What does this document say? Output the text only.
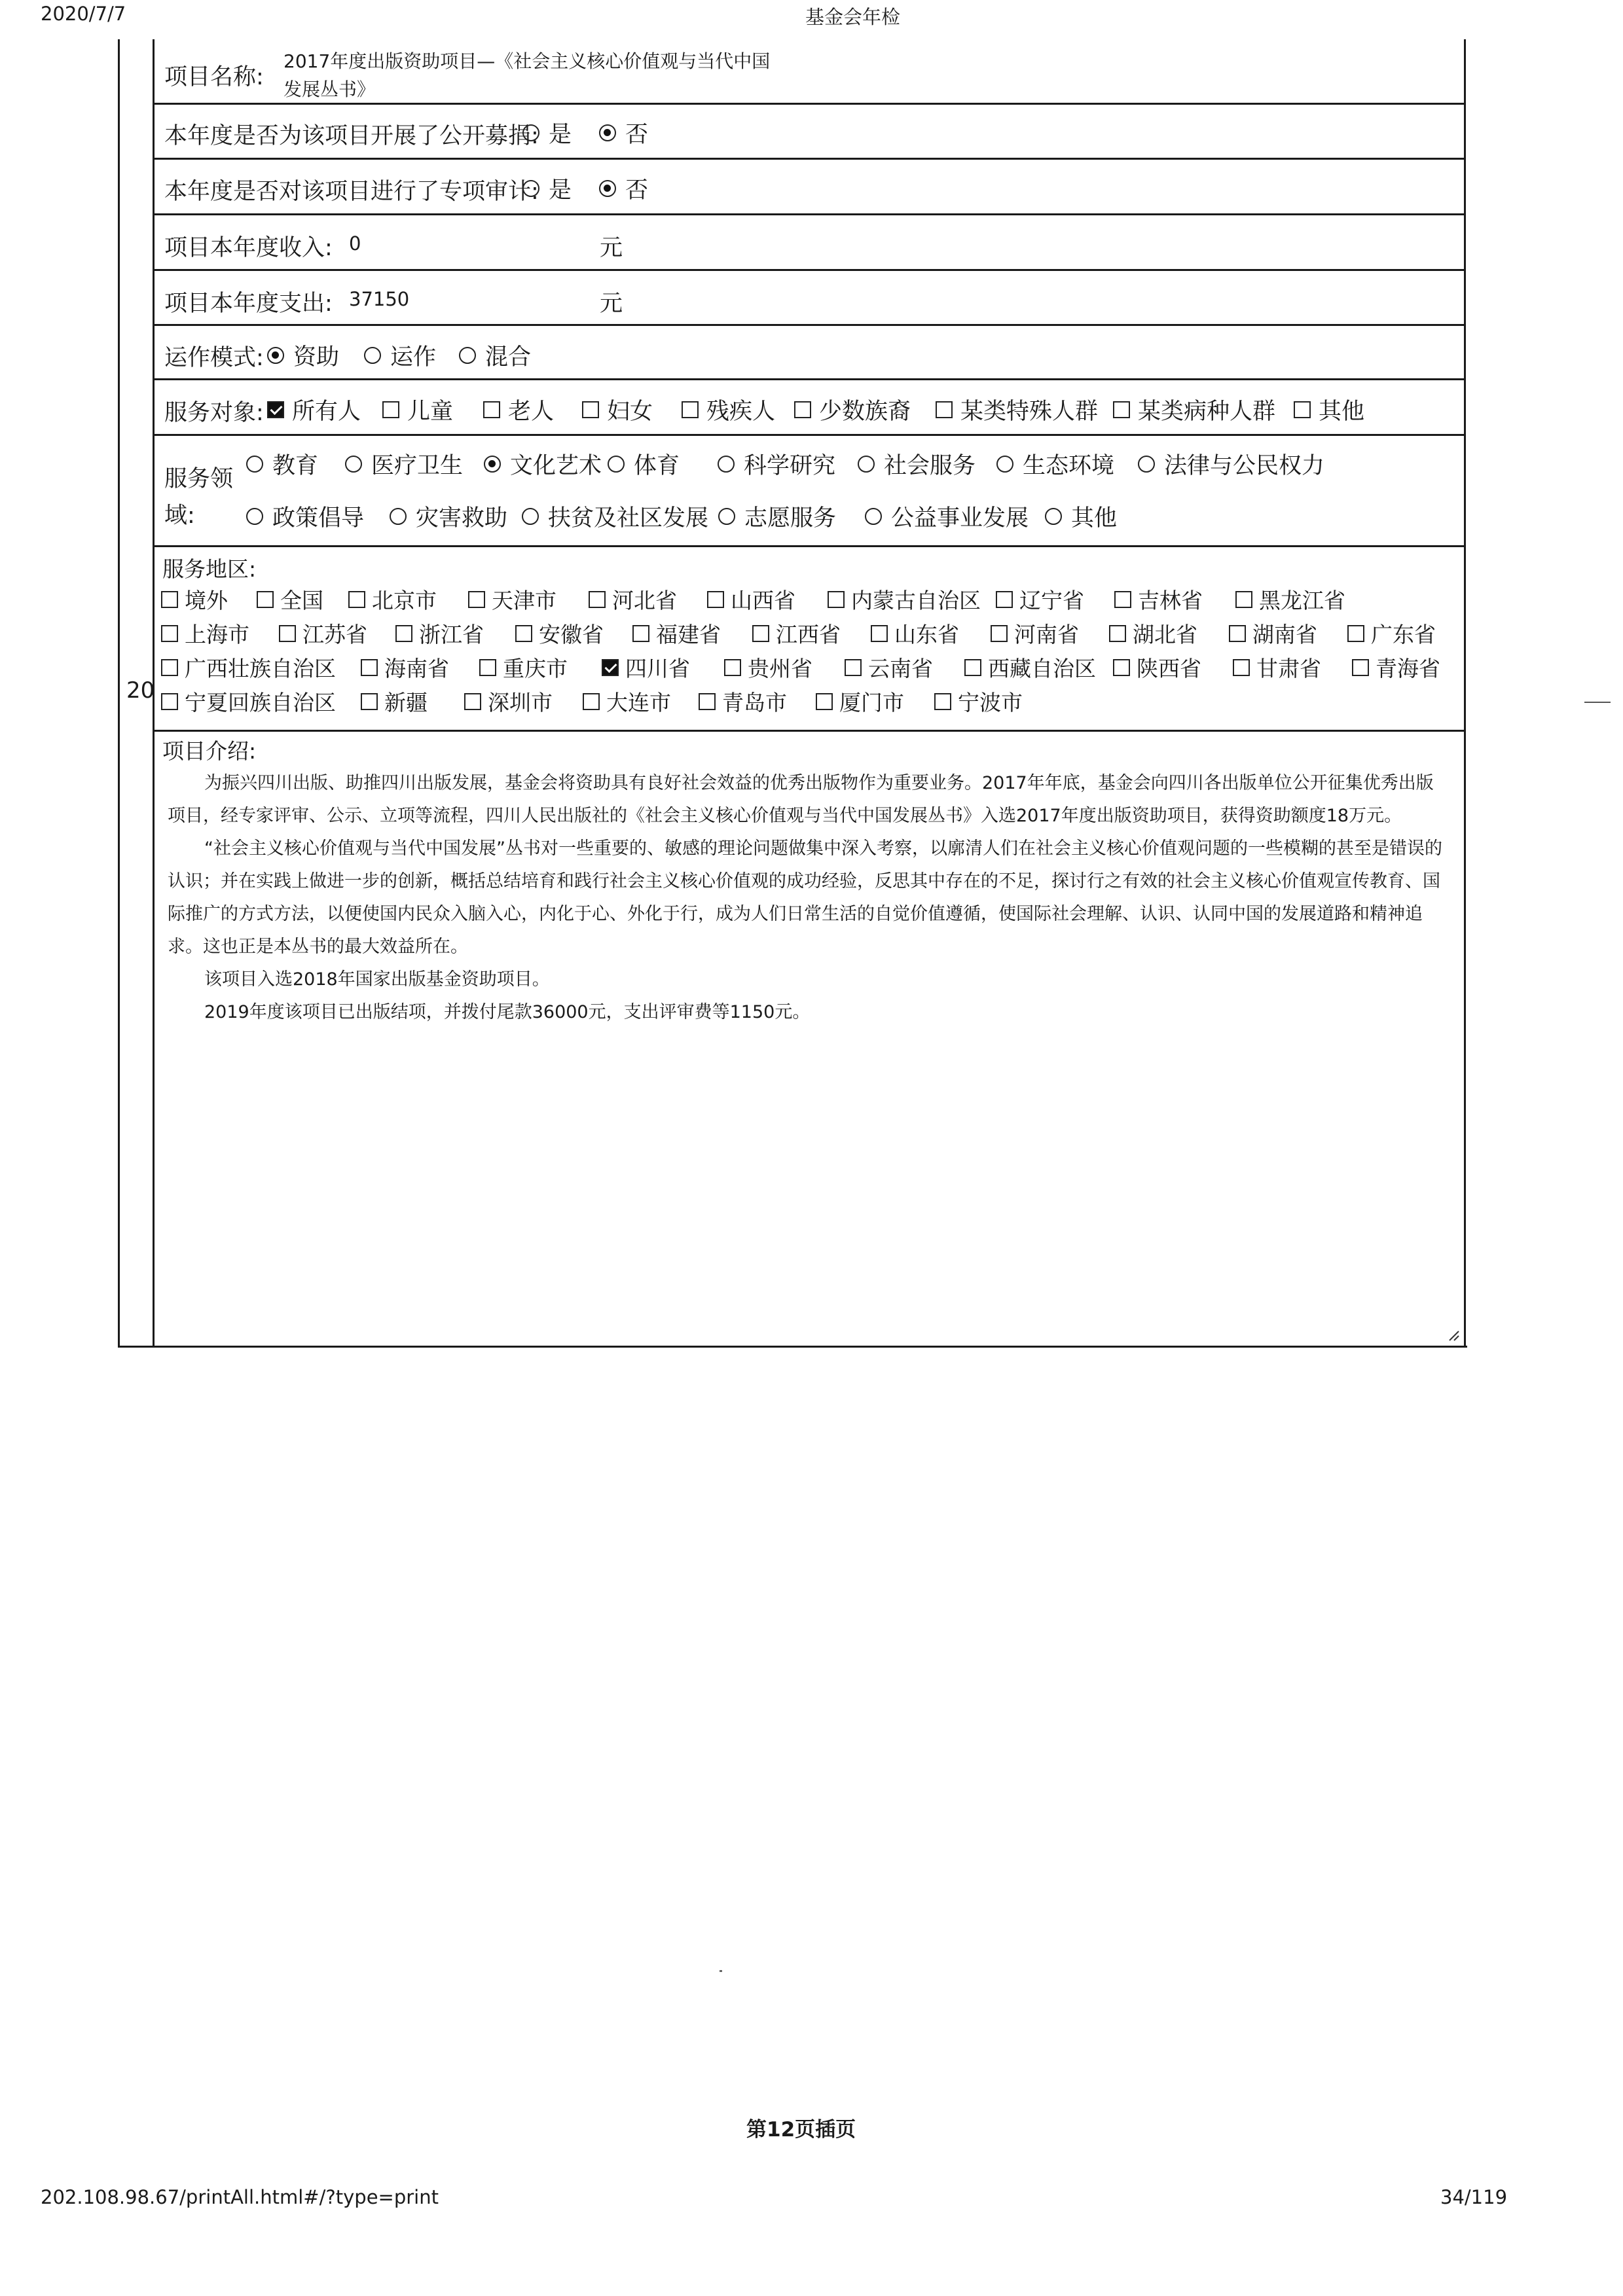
2020/7/7	基金会年检
20
项目名称:
2017年度出版资助项目—《社会主义核心价值观与当代中国
发展丛书》
本年度是否为该项目开展了公开募捐: 是 否
本年度是否对该项目进行了专项审计: 是 否
项目本年度收入: 0	元
项目本年度支出: 37150	元
运作模式: 资助 运作 混合
服务对象: 所有人 儿童 老人 妇女 残疾人 少数族裔 某类特殊人群 某类病种人群 其他
服务领
域:
教育 医疗卫生 文化艺术 体育	科学研究 社会服务 生态环境 法律与公民权力
政策倡导 灾害救助 扶贫及社区发展 志愿服务 公益事业发展 其他
服务地区:
境外 全国 北京市	天津市	河北省 山西省	内蒙古自治区 辽宁省 吉林省	黑龙江省
上海市 江苏省 浙江省	安徽省 福建省	江西省 山东省	河南省 湖北省	湖南省 广东省
广西壮族自治区 海南省 重庆市	四川省	贵州省	云南省	西藏自治区 陕西省	甘肃省	青海省
宁夏回族自治区 新疆	深圳市 大连市 青岛市 厦门市 宁波市
项目介绍:

为振兴四川出版、助推四川出版发展，基金会将资助具有良好社会效益的优秀出版物作为重要业务。2017年年底，基金会向四川各出版单位公开征集优秀出版项目，经专家评审、公示、立项等流程，四川人民出版社的《社会主义核心价值观与当代中国发展丛书》入选2017年度出版资助项目，获得资助额度18万元。

“社会主义核心价值观与当代中国发展”丛书对一些重要的、敏感的理论问题做集中深入考察，以廓清人们在社会主义核心价值观问题的一些模糊的甚至是错误的认识；并在实践上做进一步的创新，概括总结培育和践行社会主义核心价值观的成功经验，反思其中存在的不足，探讨行之有效的社会主义核心价值观宣传教育、国际推广的方式方法，以便使国内民众入脑入心，内化于心、外化于行，成为人们日常生活的自觉价值遵循，使国际社会理解、认识、认同中国的发展道路和精神追求。这也正是本丛书的最大效益所在。

该项目入选2018年国家出版基金资助项目。

2019年度该项目已出版结项，并拨付尾款36000元，支出评审费等1150元。

第12页插页
202.108.98.67/printAll.html#/?type=print	34/119
